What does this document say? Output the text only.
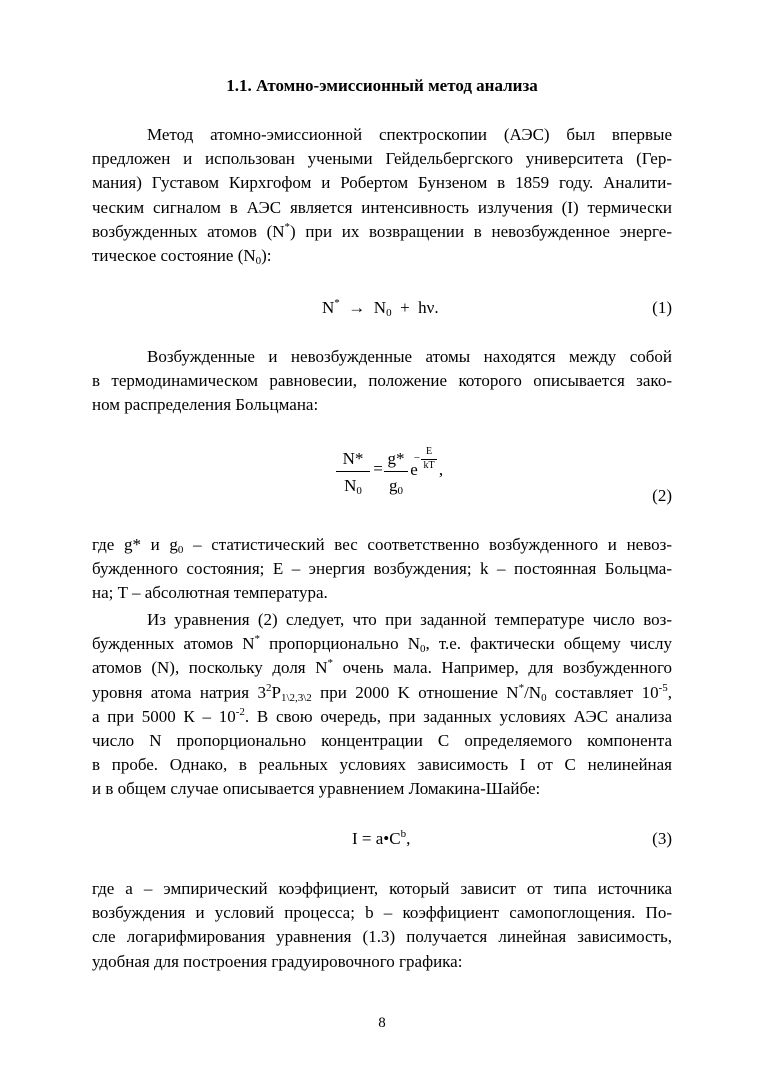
1.1. Атомно-эмиссионный метод анализа
Метод атомно-эмиссионной спектроскопии (АЭС) был впервые
предложен и использован учеными Гейдельбергского университета (Гер-
мания) Густавом Кирхгофом и Робертом Бунзеном в 1859 году. Аналити-
ческим сигналом в АЭС является интенсивность излучения (I) термически
возбужденных атомов (N*) при их возвращении в невозбужденное энерге-
тическое состояние $(N_0)$:
$N^* \to N_0 + h\nu$.	(1)
Возбужденные и невозбужденные атомы находятся между собой
в термодинамическом равновесии, положение которого описывается зако-
ном распределения Больцмана:
N*
$N_0$
=
g*
$g_0$
e
−
E
kT ,
(2)
где g* и $g_0$ – статистический вес соответственно возбужденного и невоз-
бужденного состояния; E – энергия возбуждения; k – постоянная Больцма-
на; T – абсолютная температура.
Из уравнения (2) следует, что при заданной температуре число воз-
бужденных атомов N* пропорционально $N_0$, т.е. фактически общему числу
атомов (N), поскольку доля N* очень мала. Например, для возбужденного
уровня атома натрия $3^2P_{1\backslash 2,3\backslash 2}$ при 2000 K отношение $N^*/N_0$ составляет $10^{-5}$,
а при 5000 К – $10^{-2}$. В свою очередь, при заданных условиях АЭС анализа
число N пропорционально концентрации C определяемого компонента
в пробе. Однако, в реальных условиях зависимость I от C нелинейная
и в общем случае описывается уравнением Ломакина-Шайбе:
$I = a•C^b$,	(3)
где a – эмпирический коэффициент, который зависит от типа источника
возбуждения и условий процесса; b – коэффициент самопоглощения. По-
сле логарифмирования уравнения (1.3) получается линейная зависимость,
удобная для построения градуировочного графика:
8
